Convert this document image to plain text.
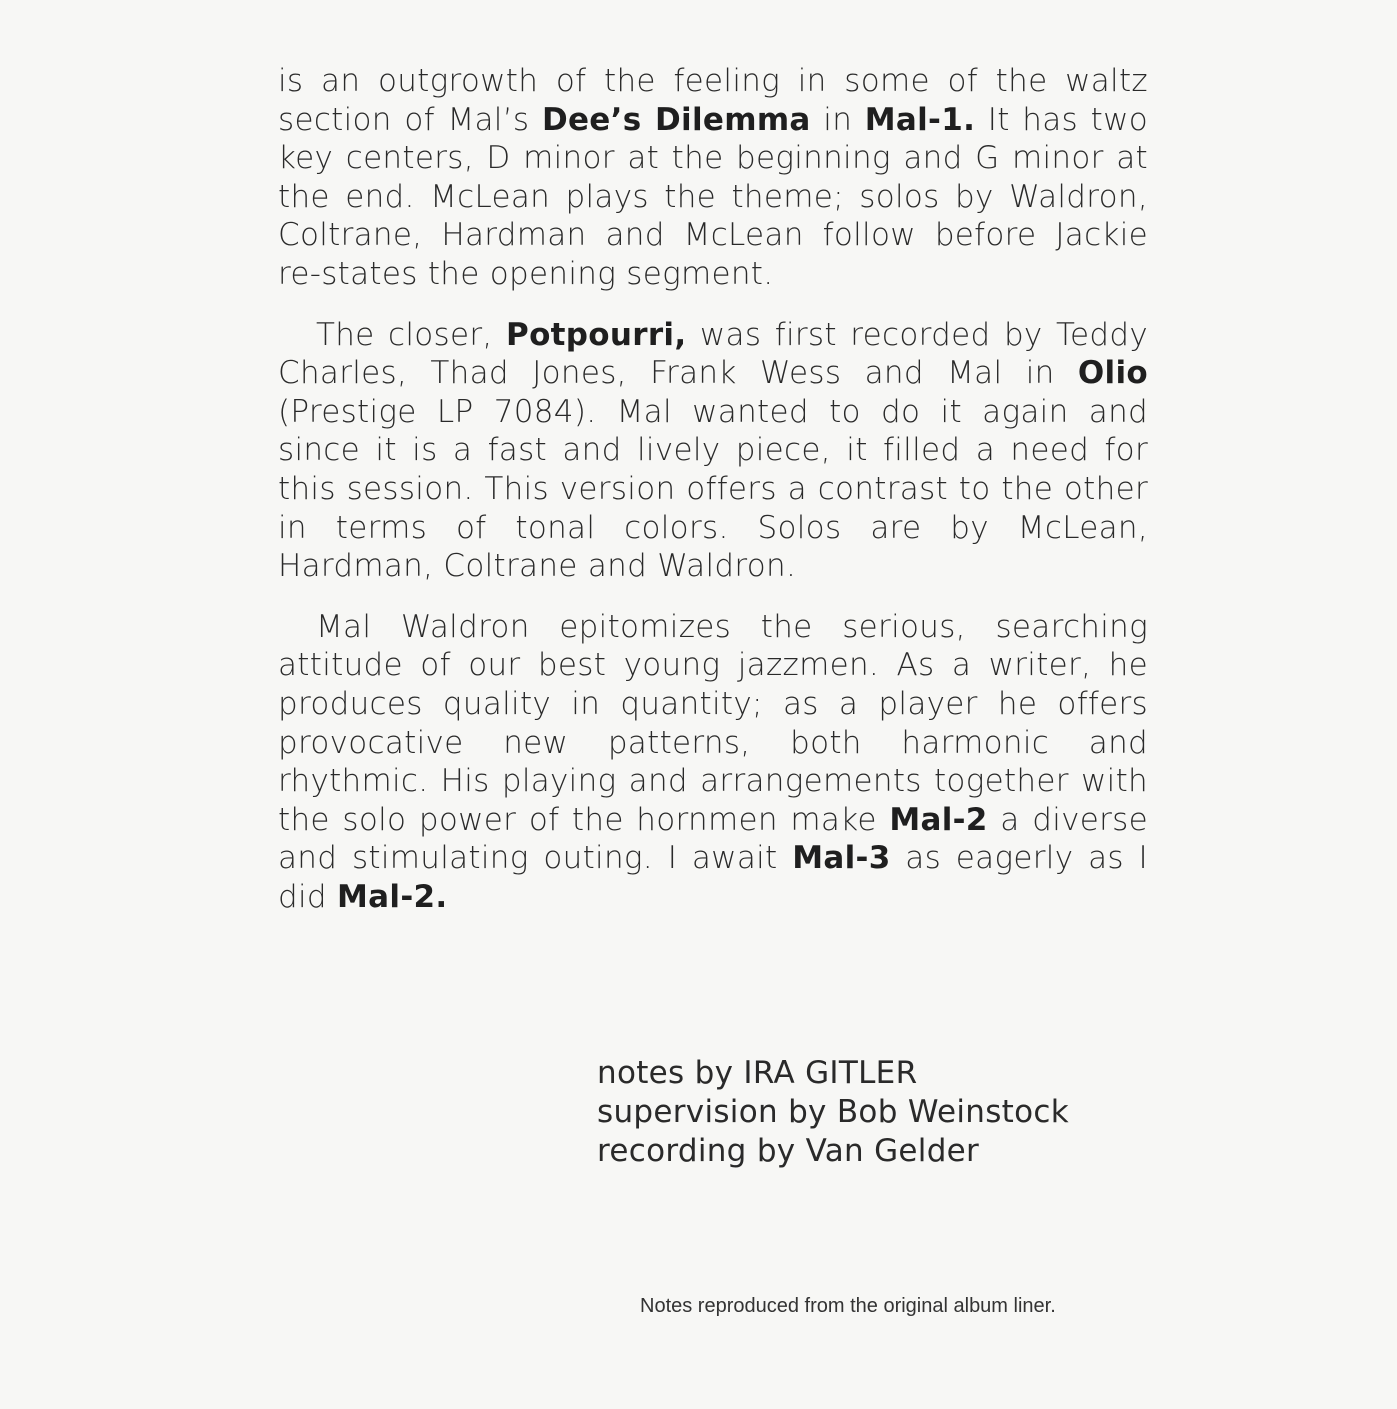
is an outgrowth of the feeling in some of the waltz section of Mal’s Dee’s Dilemma in Mal-1. It has two key centers, D minor at the beginning and G minor at the end. McLean plays the theme; solos by Waldron, Coltrane, Hardman and McLean follow before Jackie re-states the opening segment.

The closer, Potpourri, was first recorded by Teddy Charles, Thad Jones, Frank Wess and Mal in Olio (Prestige LP 7084). Mal wanted to do it again and since it is a fast and lively piece, it filled a need for this session. This version offers a contrast to the other in terms of tonal colors. Solos are by McLean, Hardman, Coltrane and Waldron.

Mal Waldron epitomizes the serious, searching attitude of our best young jazzmen. As a writer, he produces quality in quantity; as a player he offers provocative new patterns, both harmonic and rhythmic. His playing and arrangements together with the solo power of the hornmen make Mal-2 a diverse and stimulating outing. I await Mal-3 as eagerly as I did Mal-2.

notes by IRA GITLER
supervision by Bob Weinstock
recording by Van Gelder
Notes reproduced from the original album liner.
